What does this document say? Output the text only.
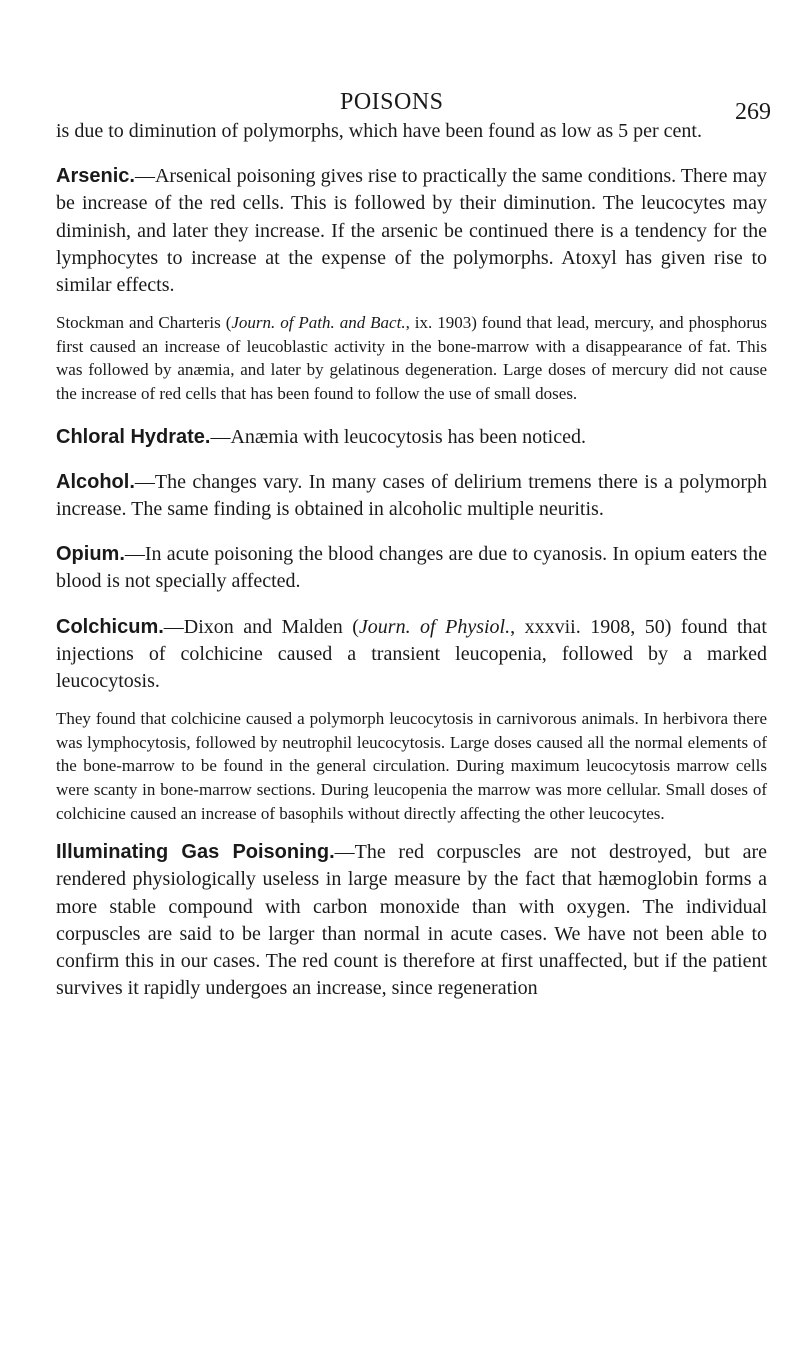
POISONS	269

is due to diminution of polymorphs, which have been found as low as 5 per cent.

Arsenic.—Arsenical poisoning gives rise to practically the same conditions. There may be increase of the red cells. This is followed by their diminution. The leucocytes may diminish, and later they increase. If the arsenic be continued there is a tendency for the lymphocytes to increase at the expense of the polymorphs. Atoxyl has given rise to similar effects.

Stockman and Charteris (Journ. of Path. and Bact., ix. 1903) found that lead, mercury, and phosphorus first caused an increase of leucoblastic activity in the bone-marrow with a disappearance of fat. This was followed by anæmia, and later by gelatinous degeneration. Large doses of mercury did not cause the increase of red cells that has been found to follow the use of small doses.

Chloral Hydrate.—Anæmia with leucocytosis has been noticed.

Alcohol.—The changes vary. In many cases of delirium tremens there is a polymorph increase. The same finding is obtained in alcoholic multiple neuritis.

Opium.—In acute poisoning the blood changes are due to cyanosis. In opium eaters the blood is not specially affected.

Colchicum.—Dixon and Malden (Journ. of Physiol., xxxvii. 1908, 50) found that injections of colchicine caused a transient leucopenia, followed by a marked leucocytosis.

They found that colchicine caused a polymorph leucocytosis in carnivorous animals. In herbivora there was lymphocytosis, followed by neutrophil leucocytosis. Large doses caused all the normal elements of the bone-marrow to be found in the general circulation. During maximum leucocytosis marrow cells were scanty in bone-marrow sections. During leucopenia the marrow was more cellular. Small doses of colchicine caused an increase of basophils without directly affecting the other leucocytes.

Illuminating Gas Poisoning.—The red corpuscles are not destroyed, but are rendered physiologically useless in large measure by the fact that hæmoglobin forms a more stable compound with carbon monoxide than with oxygen. The individual corpuscles are said to be larger than normal in acute cases. We have not been able to confirm this in our cases. The red count is therefore at first unaffected, but if the patient survives it rapidly undergoes an increase, since regeneration
